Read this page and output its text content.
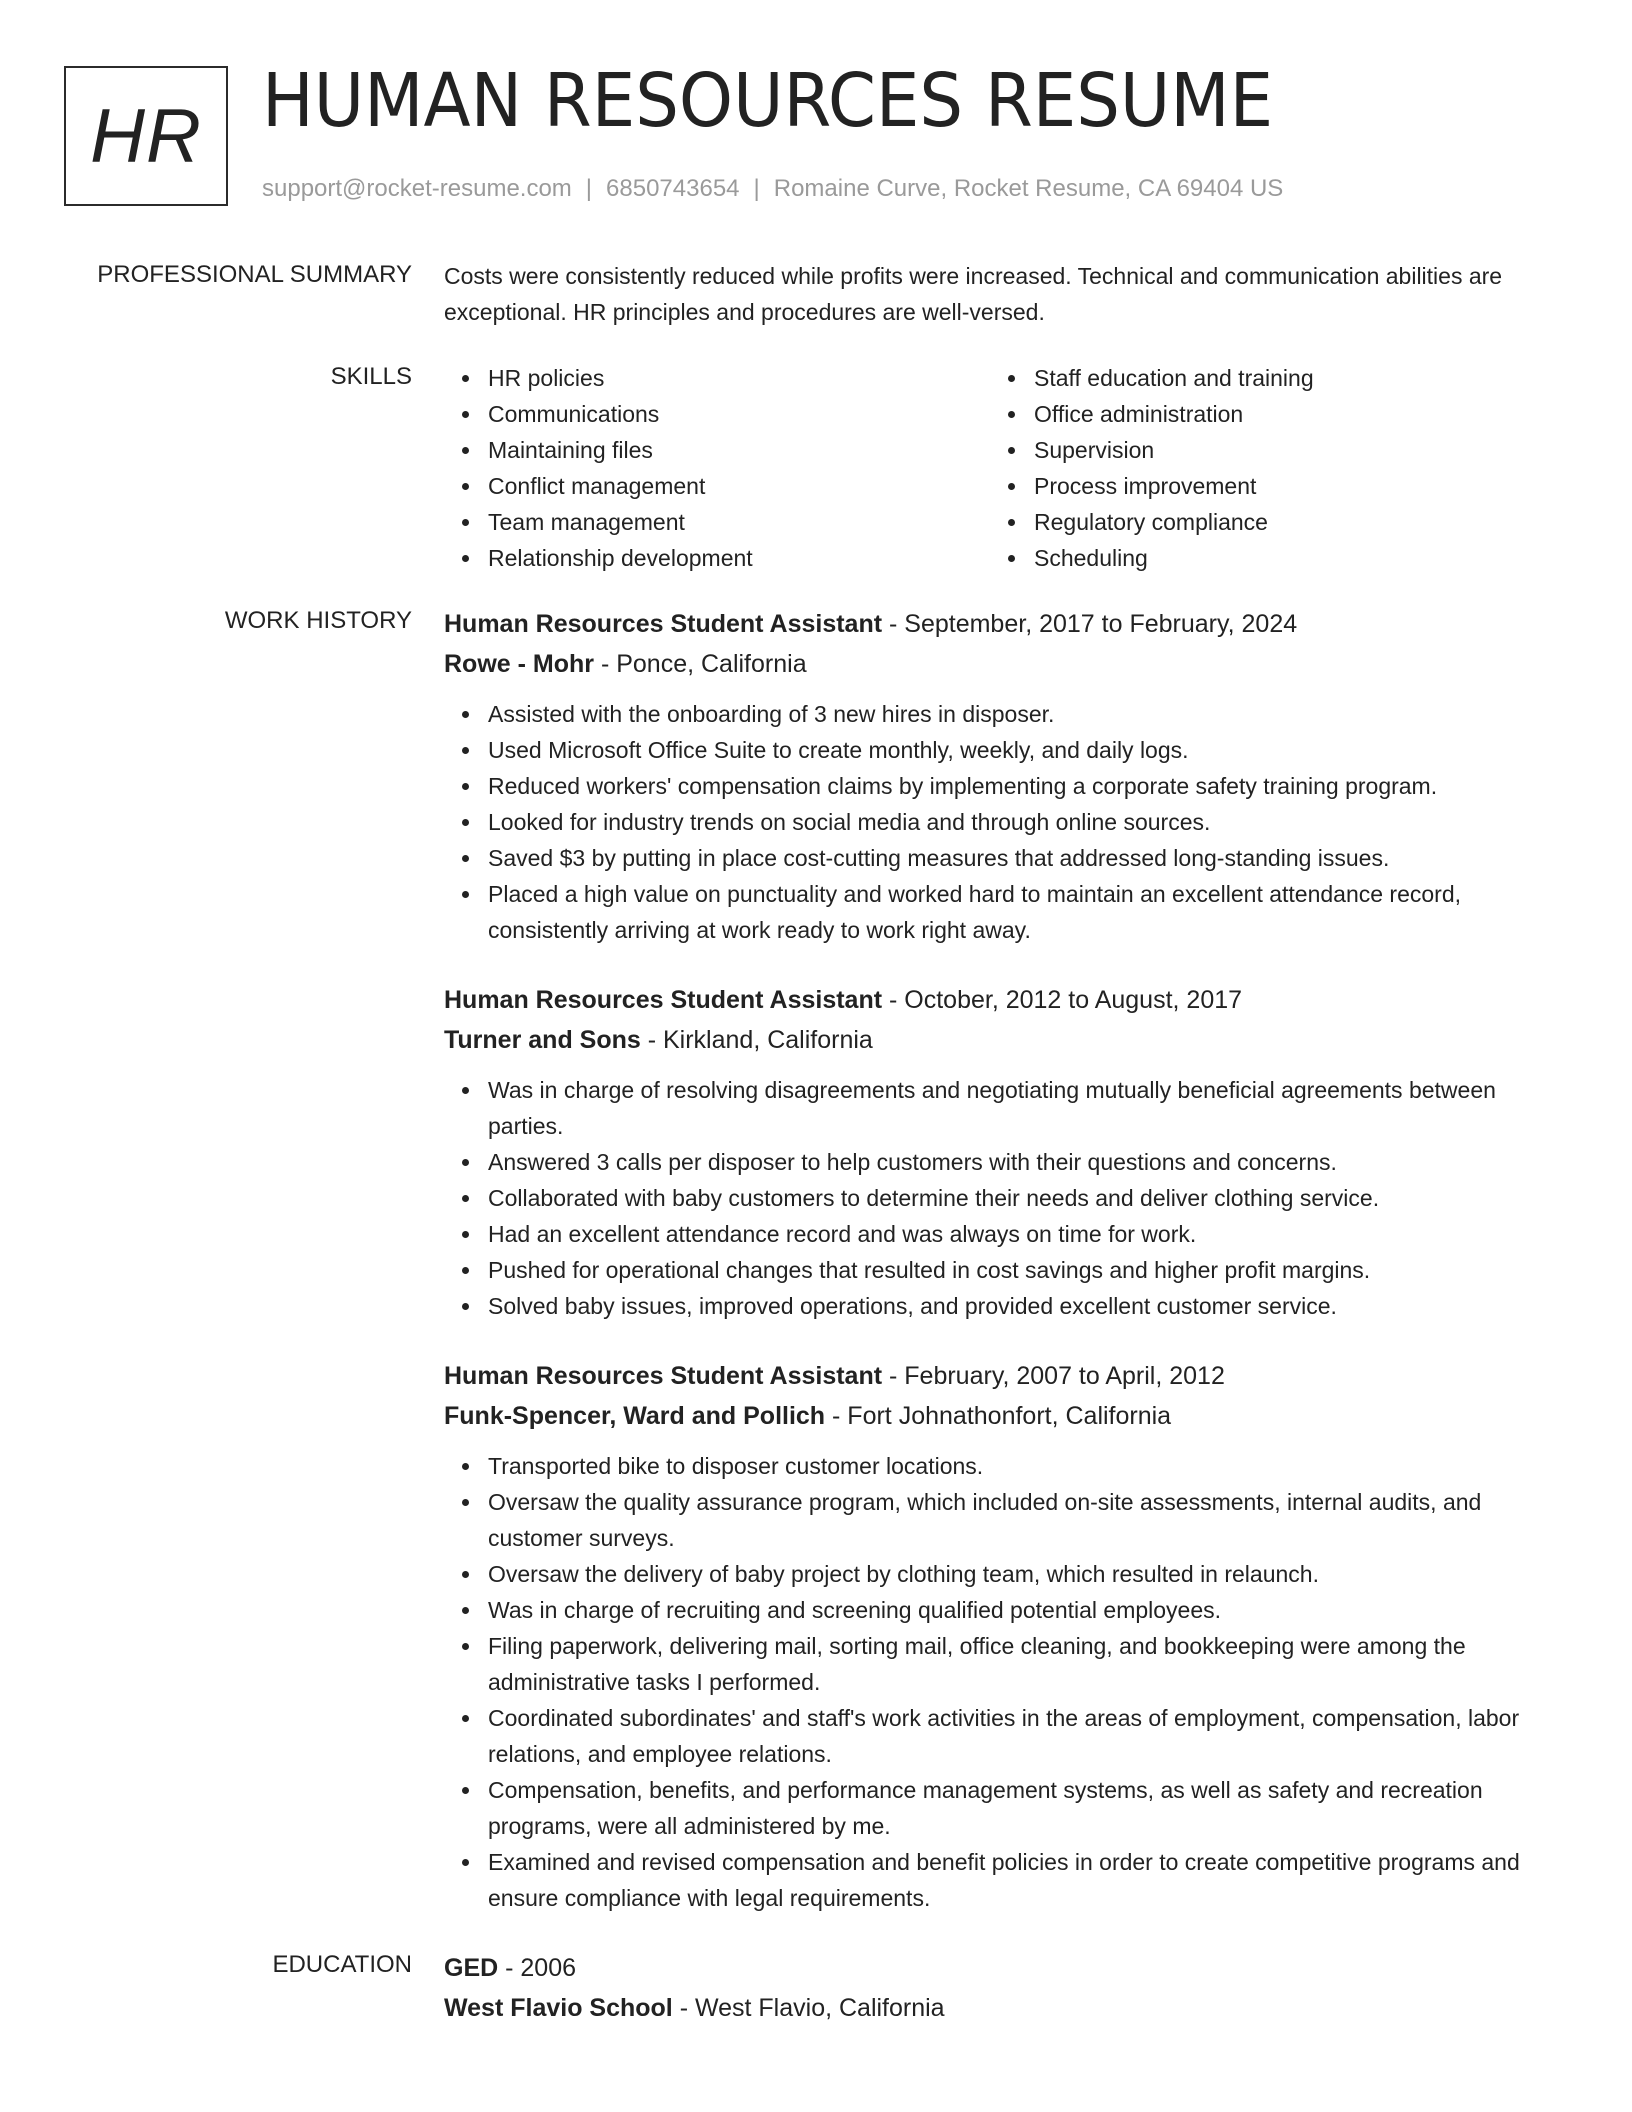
HR HUMAN RESOURCES RESUME
support@rocket-resume.com | 6850743654 | Romaine Curve, Rocket Resume, CA 69404 US
PROFESSIONAL SUMMARY Costs were consistently reduced while profits were increased. Technical and communication abilities are exceptional. HR principles and procedures are well-versed.

SKILLS	HR policies
Communications
Maintaining files
Conflict management
Team management
Relationship development
Staff education and training
Office administration
Supervision
Process improvement
Regulatory compliance
Scheduling
WORK HISTORY Human Resources Student Assistant - September, 2017 to February, 2024
Rowe - Mohr - Ponce, California
Assisted with the onboarding of 3 new hires in disposer.
Used Microsoft Office Suite to create monthly, weekly, and daily logs.
Reduced workers' compensation claims by implementing a corporate safety training program.
Looked for industry trends on social media and through online sources.
Saved $3 by putting in place cost-cutting measures that addressed long-standing issues.
Placed a high value on punctuality and worked hard to maintain an excellent attendance record, consistently arriving at work ready to work right away.
Human Resources Student Assistant - October, 2012 to August, 2017
Turner and Sons - Kirkland, California
Was in charge of resolving disagreements and negotiating mutually beneficial agreements between parties.
Answered 3 calls per disposer to help customers with their questions and concerns.
Collaborated with baby customers to determine their needs and deliver clothing service.
Had an excellent attendance record and was always on time for work.
Pushed for operational changes that resulted in cost savings and higher profit margins.
Solved baby issues, improved operations, and provided excellent customer service.
Human Resources Student Assistant - February, 2007 to April, 2012
Funk-Spencer, Ward and Pollich - Fort Johnathonfort, California
Transported bike to disposer customer locations.
Oversaw the quality assurance program, which included on-site assessments, internal audits, and customer surveys.
Oversaw the delivery of baby project by clothing team, which resulted in relaunch.
Was in charge of recruiting and screening qualified potential employees.
Filing paperwork, delivering mail, sorting mail, office cleaning, and bookkeeping were among the administrative tasks I performed.
Coordinated subordinates' and staff's work activities in the areas of employment, compensation, labor relations, and employee relations.
Compensation, benefits, and performance management systems, as well as safety and recreation programs, were all administered by me.
Examined and revised compensation and benefit policies in order to create competitive programs and ensure compliance with legal requirements.
EDUCATION GED - 2006
West Flavio School - West Flavio, California
